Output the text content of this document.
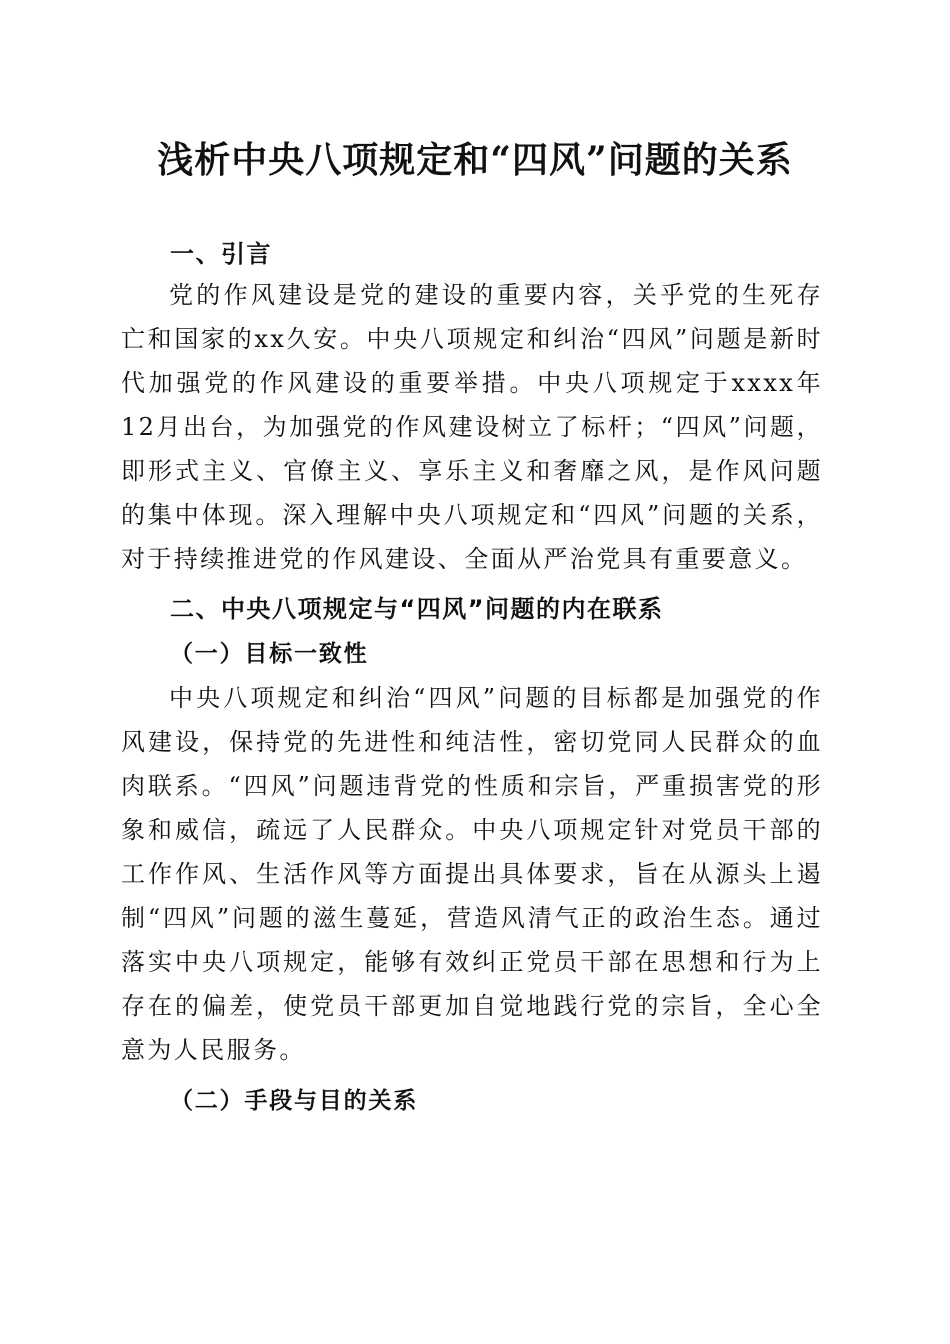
浅析中央八项规定和“四风”问题的关系
一、引言

党的作风建设是党的建设的重要内容，关乎党的生死存亡和国家的xx久安。中央八项规定和纠治“四风”问题是新时代加强党的作风建设的重要举措。中央八项规定于xxxx年12月出台，为加强党的作风建设树立了标杆；“四风”问题，即形式主义、官僚主义、享乐主义和奢靡之风，是作风问题的集中体现。深入理解中央八项规定和“四风”问题的关系，对于持续推进党的作风建设、全面从严治党具有重要意义。

二、中央八项规定与“四风”问题的内在联系
（一）目标一致性

中央八项规定和纠治“四风”问题的目标都是加强党的作风建设，保持党的先进性和纯洁性，密切党同人民群众的血肉联系。“四风”问题违背党的性质和宗旨，严重损害党的形象和威信，疏远了人民群众。中央八项规定针对党员干部的工作作风、生活作风等方面提出具体要求，旨在从源头上遏制“四风”问题的滋生蔓延，营造风清气正的政治生态。通过落实中央八项规定，能够有效纠正党员干部在思想和行为上存在的偏差，使党员干部更加自觉地践行党的宗旨，全心全意为人民服务。

（二）手段与目的关系
